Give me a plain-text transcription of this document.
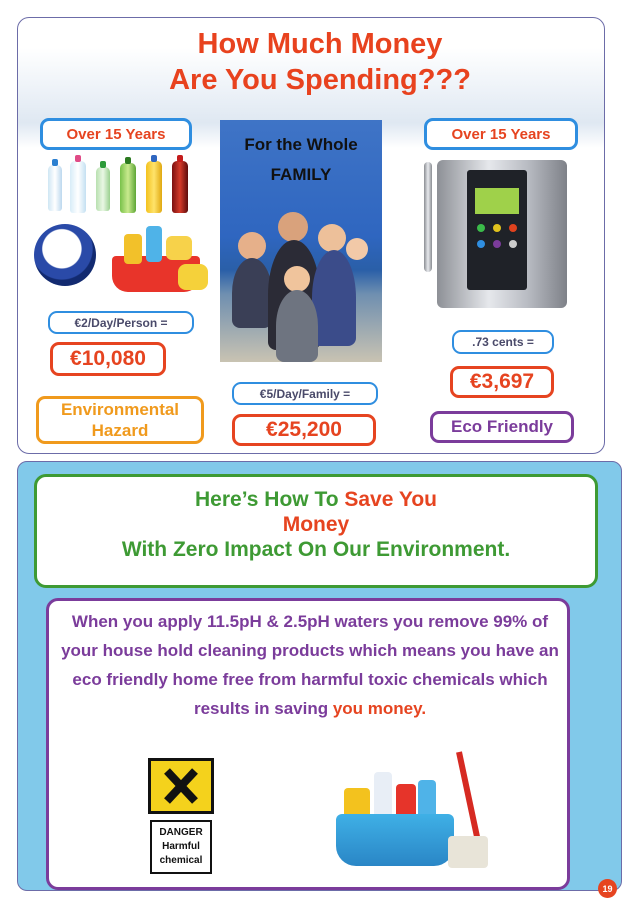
How Much Money
Are You Spending???
Over 15 Years
€2/Day/Person =
€10,080
Environmental
Hazard
For the Whole
FAMILY
€5/Day/Family =
€25,200
Over 15 Years
.73 cents =
€3,697
Eco Friendly
Here’s How To Save You
Money
With Zero Impact On Our Environment.
When you apply 11.5pH & 2.5pH waters you remove 99% of your house hold cleaning products which means you have an eco friendly home free from harmful toxic chemicals which results in saving you money.
DANGER
Harmful
chemical
19
